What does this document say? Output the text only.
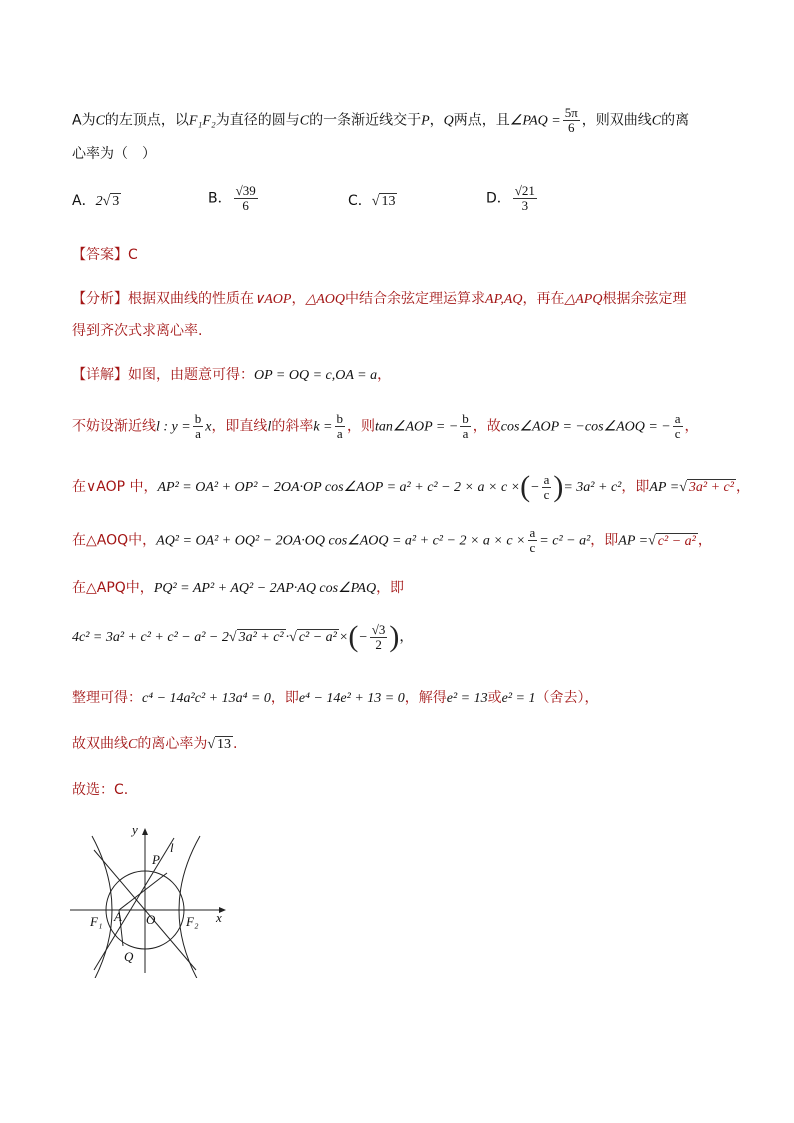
A为C的左顶点，以F₁F₂为直径的圆与C的一条渐近线交于P，Q两点，且∠PAQ = $\frac{5\pi}{6}$ ，则双曲线C的离
心率为（　）
A．2√ 3	B． $\frac{√39}{6}$	C．√ 13	D． $\frac{√21}{3}$
【答案】C
【分析】根据双曲线的性质在∨AOP，△AOQ中结合余弦定理运算求AP,AQ，再在△APQ根据余弦定理
得到齐次式求离心率.
【详解】如图，由题意可得：OP = OQ = c,OA = a，
不妨设渐近线l : $y = \frac{b}{a}$ x，即直线l的斜率$k = \frac{b}{a}$ ，则tan∠AOP = − $\frac{b}{a}$ ，故cos∠AOP = −cos∠AOQ = − $\frac{a}{c}$ ，
在∨AOP 中，AP² = OA² + OP² − 2OA·OP cos∠AOP = a² + c² − 2 × a × c ×(− $\frac{a}{c}$ )= 3a² + c²，即AP =√ 3a² + c² ，
在△AOQ中，AQ² = OA² + OQ² − 2OA·OQ cos∠AOQ = $a^2 + c^2 - 2 \times a \times c \times \frac{a}{c} = c^2 - a^2$，即AP =√ c² − a² ，
在△APQ中，PQ² = AP² + AQ² − 2AP·AQ cos∠PAQ，即
4c² = 3a² + c² + c² − a² − 2√ 3a² + c² ·√ c² − a² ×(− $\frac{√3}{2}$ )，
整理可得：c⁴ − 14a²c² + 13a⁴ = 0，即e⁴ − 14e² + 13 = 0，解得e² = 13或e² = 1（舍去），
故双曲线C的离心率为√ 13 .
故选：C.
y
l
P
F₁ A O F₂ x
Q
